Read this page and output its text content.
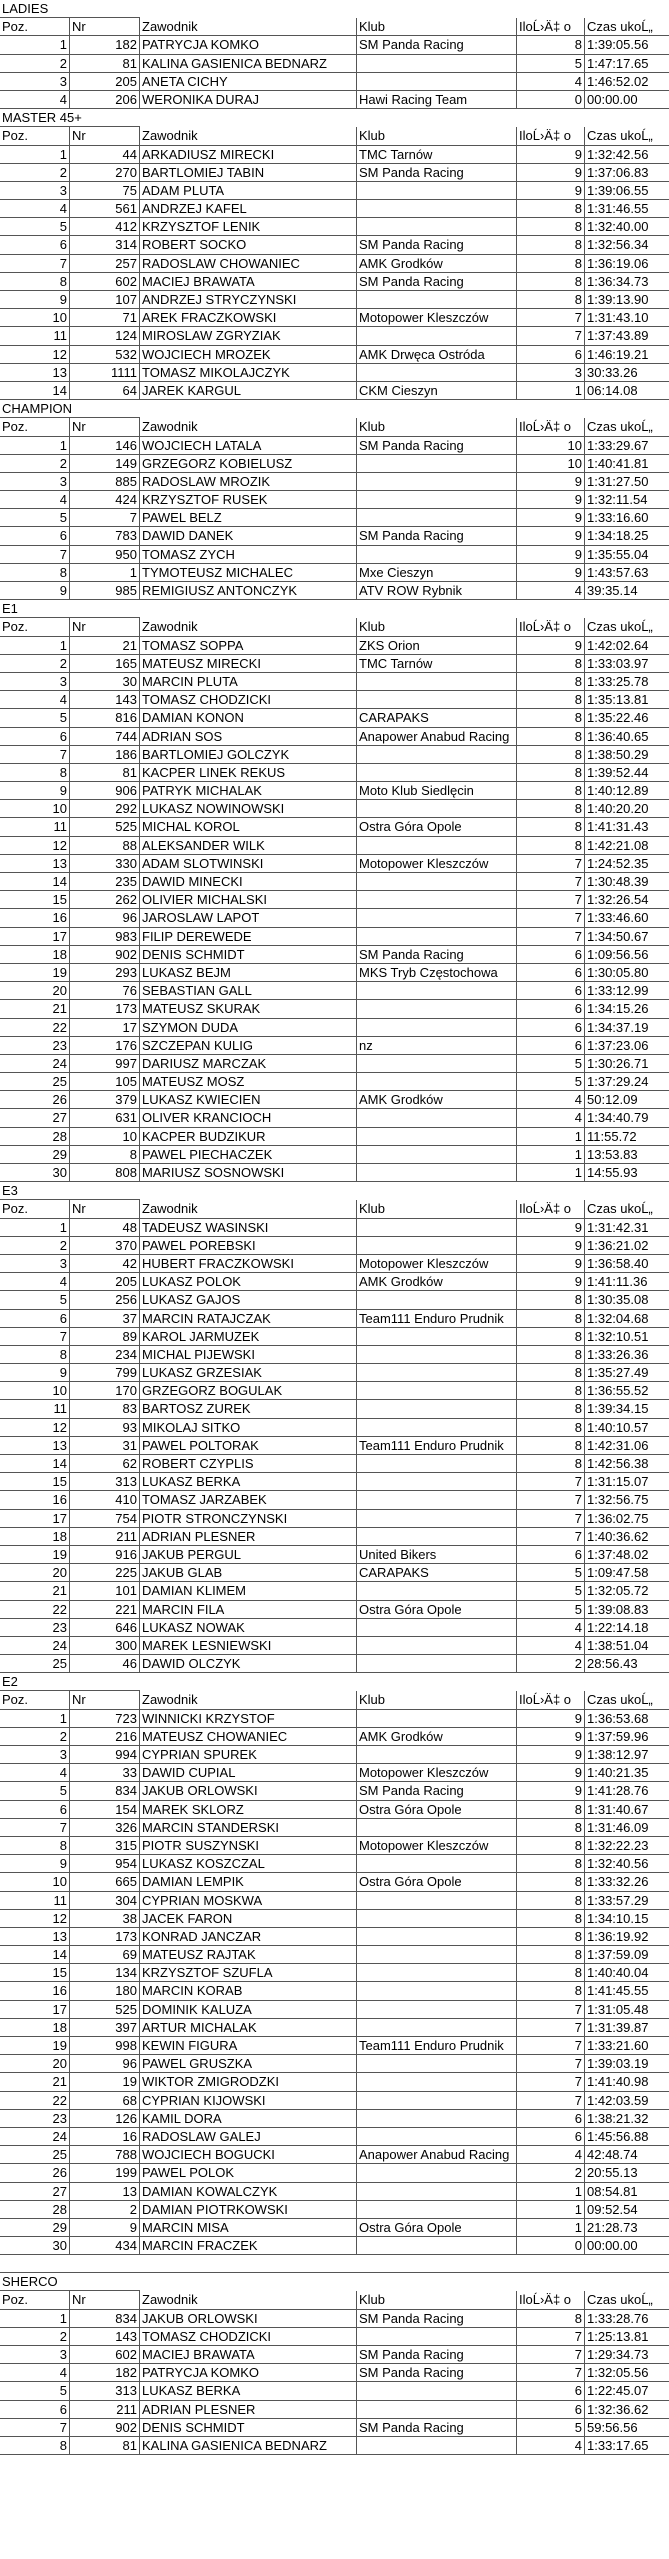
LADIES
Poz.	Nr	Zawodnik	Klub	IloĹ›Ä‡ o	Czas ukoĹ„
1	182 PATRYCJA KOMKO	SM Panda Racing	8 1:39:05.56
2	81 KALINA GASIENICA BEDNARZ	5 1:47:17.65
3	205 ANETA CICHY	4 1:46:52.02
4	206 WERONIKA DURAJ	Hawi Racing Team	0 00:00.00
MASTER 45+
Poz.	Nr	Zawodnik	Klub	IloĹ›Ä‡ o	Czas ukoĹ„
1	44 ARKADIUSZ MIRECKI	TMC Tarnów	9 1:32:42.56
2	270 BARTLOMIEJ TABIN	SM Panda Racing	9 1:37:06.83
3	75 ADAM PLUTA	9 1:39:06.55
4	561 ANDRZEJ KAFEL	8 1:31:46.55
5	412 KRZYSZTOF LENIK	8 1:32:40.00
6	314 ROBERT SOCKO	SM Panda Racing	8 1:32:56.34
7	257 RADOSLAW CHOWANIEC	AMK Grodków	8 1:36:19.06
8	602 MACIEJ BRAWATA	SM Panda Racing	8 1:36:34.73
9	107 ANDRZEJ STRYCZYNSKI	8 1:39:13.90
10	71 AREK FRACZKOWSKI	Motopower Kleszczów	7 1:31:43.10
11	124 MIROSLAW ZGRYZIAK	7 1:37:43.89
12	532 WOJCIECH MROZEK	AMK Drwęca Ostróda	6 1:46:19.21
13	1111 TOMASZ MIKOLAJCZYK	3 30:33.26
14	64 JAREK KARGUL	CKM Cieszyn	1 06:14.08
CHAMPION
Poz.	Nr	Zawodnik	Klub	IloĹ›Ä‡ o	Czas ukoĹ„
1	146 WOJCIECH LATALA	SM Panda Racing	10 1:33:29.67
2	149 GRZEGORZ KOBIELUSZ	10 1:40:41.81
3	885 RADOSLAW MROZIK	9 1:31:27.50
4	424 KRZYSZTOF RUSEK	9 1:32:11.54
5	7 PAWEL BELZ	9 1:33:16.60
6	783 DAWID DANEK	SM Panda Racing	9 1:34:18.25
7	950 TOMASZ ZYCH	9 1:35:55.04
8	1 TYMOTEUSZ MICHALEC	Mxe Cieszyn	9 1:43:57.63
9	985 REMIGIUSZ ANTONCZYK	ATV ROW Rybnik	4 39:35.14
E1
Poz.	Nr	Zawodnik	Klub	IloĹ›Ä‡ o	Czas ukoĹ„
1	21 TOMASZ SOPPA	ZKS Orion	9 1:42:02.64
2	165 MATEUSZ MIRECKI	TMC Tarnów	8 1:33:03.97
3	30 MARCIN PLUTA	8 1:33:25.78
4	143 TOMASZ CHODZICKI	8 1:35:13.81
5	816 DAMIAN KONON	CARAPAKS	8 1:35:22.46
6	744 ADRIAN SOS	Anapower Anabud Racing	8 1:36:40.65
7	186 BARTLOMIEJ GOLCZYK	8 1:38:50.29
8	81 KACPER LINEK REKUS	8 1:39:52.44
9	906 PATRYK MICHALAK	Moto Klub Siedlęcin	8 1:40:12.89
10	292 LUKASZ NOWINOWSKI	8 1:40:20.20
11	525 MICHAL KOROL	Ostra Góra Opole	8 1:41:31.43
12	88 ALEKSANDER WILK	8 1:42:21.08
13	330 ADAM SLOTWINSKI	Motopower Kleszczów	7 1:24:52.35
14	235 DAWID MINECKI	7 1:30:48.39
15	262 OLIVIER MICHALSKI	7 1:32:26.54
16	96 JAROSLAW LAPOT	7 1:33:46.60
17	983 FILIP DEREWEDE	7 1:34:50.67
18	902 DENIS SCHMIDT	SM Panda Racing	6 1:09:56.56
19	293 LUKASZ BEJM	MKS Tryb Częstochowa	6 1:30:05.80
20	76 SEBASTIAN GALL	6 1:33:12.99
21	173 MATEUSZ SKURAK	6 1:34:15.26
22	17 SZYMON DUDA	6 1:34:37.19
23	176 SZCZEPAN KULIG	nz	6 1:37:23.06
24	997 DARIUSZ MARCZAK	5 1:30:26.71
25	105 MATEUSZ MOSZ	5 1:37:29.24
26	379 LUKASZ KWIECIEN	AMK Grodków	4 50:12.09
27	631 OLIVER KRANCIOCH	4 1:34:40.79
28	10 KACPER BUDZIKUR	1 11:55.72
29	8 PAWEL PIECHACZEK	1 13:53.83
30	808 MARIUSZ SOSNOWSKI	1 14:55.93
E3
Poz.	Nr	Zawodnik	Klub	IloĹ›Ä‡ o	Czas ukoĹ„
1	48 TADEUSZ WASINSKI	9 1:31:42.31
2	370 PAWEL POREBSKI	9 1:36:21.02
3	42 HUBERT FRACZKOWSKI	Motopower Kleszczów	9 1:36:58.40
4	205 LUKASZ POLOK	AMK Grodków	9 1:41:11.36
5	256 LUKASZ GAJOS	8 1:30:35.08
6	37 MARCIN RATAJCZAK	Team111 Enduro Prudnik	8 1:32:04.68
7	89 KAROL JARMUZEK	8 1:32:10.51
8	234 MICHAL PIJEWSKI	8 1:33:26.36
9	799 LUKASZ GRZESIAK	8 1:35:27.49
10	170 GRZEGORZ BOGULAK	8 1:36:55.52
11	83 BARTOSZ ZUREK	8 1:39:34.15
12	93 MIKOLAJ SITKO	8 1:40:10.57
13	31 PAWEL POLTORAK	Team111 Enduro Prudnik	8 1:42:31.06
14	62 ROBERT CZYPLIS	8 1:42:56.38
15	313 LUKASZ BERKA	7 1:31:15.07
16	410 TOMASZ JARZABEK	7 1:32:56.75
17	754 PIOTR STRONCZYNSKI	7 1:36:02.75
18	211 ADRIAN PLESNER	7 1:40:36.62
19	916 JAKUB PERGUL	United Bikers	6 1:37:48.02
20	225 JAKUB GLAB	CARAPAKS	5 1:09:47.58
21	101 DAMIAN KLIMEM	5 1:32:05.72
22	221 MARCIN FILA	Ostra Góra Opole	5 1:39:08.83
23	646 LUKASZ NOWAK	4 1:22:14.18
24	300 MAREK LESNIEWSKI	4 1:38:51.04
25	46 DAWID OLCZYK	2 28:56.43
E2
Poz.	Nr	Zawodnik	Klub	IloĹ›Ä‡ o	Czas ukoĹ„
1	723 WINNICKI KRZYSTOF	9 1:36:53.68
2	216 MATEUSZ CHOWANIEC	AMK Grodków	9 1:37:59.96
3	994 CYPRIAN SPUREK	9 1:38:12.97
4	33 DAWID CUPIAL	Motopower Kleszczów	9 1:40:21.35
5	834 JAKUB ORLOWSKI	SM Panda Racing	9 1:41:28.76
6	154 MAREK SKLORZ	Ostra Góra Opole	8 1:31:40.67
7	326 MARCIN STANDERSKI	8 1:31:46.09
8	315 PIOTR SUSZYNSKI	Motopower Kleszczów	8 1:32:22.23
9	954 LUKASZ KOSZCZAL	8 1:32:40.56
10	665 DAMIAN LEMPIK	Ostra Góra Opole	8 1:33:32.26
11	304 CYPRIAN MOSKWA	8 1:33:57.29
12	38 JACEK FARON	8 1:34:10.15
13	173 KONRAD JANCZAR	8 1:36:19.92
14	69 MATEUSZ RAJTAK	8 1:37:59.09
15	134 KRZYSZTOF SZUFLA	8 1:40:40.04
16	180 MARCIN KORAB	8 1:41:45.55
17	525 DOMINIK KALUZA	7 1:31:05.48
18	397 ARTUR MICHALAK	7 1:31:39.87
19	998 KEWIN FIGURA	Team111 Enduro Prudnik	7 1:33:21.60
20	96 PAWEL GRUSZKA	7 1:39:03.19
21	19 WIKTOR ZMIGRODZKI	7 1:41:40.98
22	68 CYPRIAN KIJOWSKI	7 1:42:03.59
23	126 KAMIL DORA	6 1:38:21.32
24	16 RADOSLAW GALEJ	6 1:45:56.88
25	788 WOJCIECH BOGUCKI	Anapower Anabud Racing	4 42:48.74
26	199 PAWEL POLOK	2 20:55.13
27	13 DAMIAN KOWALCZYK	1 08:54.81
28	2 DAMIAN PIOTRKOWSKI	1 09:52.54
29	9 MARCIN MISA	Ostra Góra Opole	1 21:28.73
30	434 MARCIN FRACZEK	0 00:00.00
SHERCO
Poz.	Nr	Zawodnik	Klub	IloĹ›Ä‡ o	Czas ukoĹ„
1	834 JAKUB ORLOWSKI	SM Panda Racing	8 1:33:28.76
2	143 TOMASZ CHODZICKI	7 1:25:13.81
3	602 MACIEJ BRAWATA	SM Panda Racing	7 1:29:34.73
4	182 PATRYCJA KOMKO	SM Panda Racing	7 1:32:05.56
5	313 LUKASZ BERKA	6 1:22:45.07
6	211 ADRIAN PLESNER	6 1:32:36.62
7	902 DENIS SCHMIDT	SM Panda Racing	5 59:56.56
8	81 KALINA GASIENICA BEDNARZ	4 1:33:17.65
